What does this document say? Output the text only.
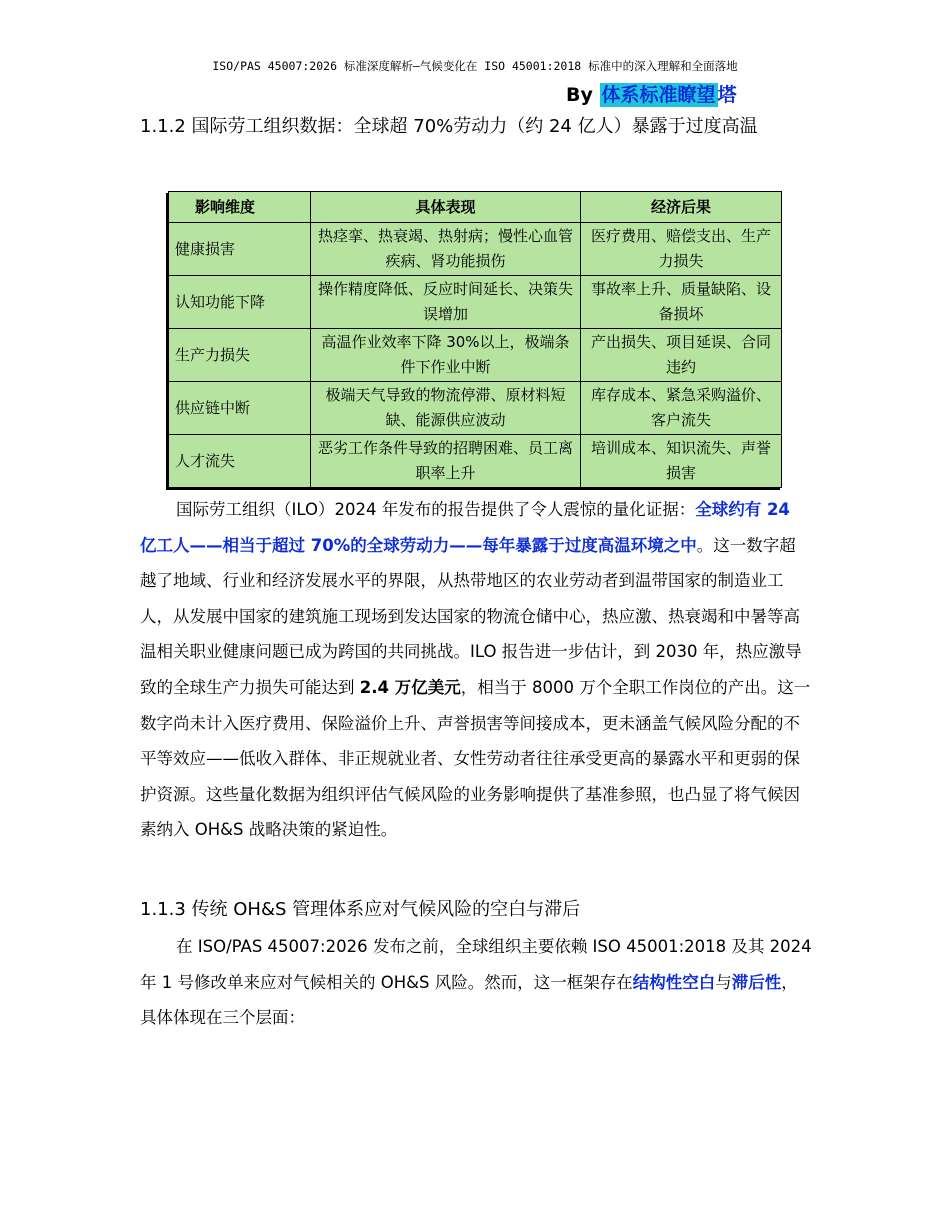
ISO/PAS 45007:2026 标准深度解析—气候变化在 ISO 45001:2018 标准中的深入理解和全面落地
By 体系标准瞭望 塔
1.1.2 国际劳工组织数据：全球超 70%劳动力（约 24 亿人）暴露于过度高温
影响维度	具体表现	经济后果
健康损害	热痉挛、热衰竭、热射病；慢性心血管疾病、肾功能损伤	医疗费用、赔偿支出、生产力损失
认知功能下降	操作精度降低、反应时间延长、决策失误增加	事故率上升、质量缺陷、设备损坏
生产力损失	高温作业效率下降 30%以上，极端条件下作业中断	产出损失、项目延误、合同违约
供应链中断	极端天气导致的物流停滞、原材料短缺、能源供应波动	库存成本、紧急采购溢价、客户流失
人才流失	恶劣工作条件导致的招聘困难、员工离职率上升	培训成本、知识流失、声誉损害

国际劳工组织（ILO）2024 年发布的报告提供了令人震惊的量化证据：全球约有 24 亿工人——相当于超过 70%的全球劳动力——每年暴露于过度高温环境之中。这一数字超越了地域、行业和经济发展水平的界限，从热带地区的农业劳动者到温带国家的制造业工人，从发展中国家的建筑施工现场到发达国家的物流仓储中心，热应激、热衰竭和中暑等高温相关职业健康问题已成为跨国的共同挑战。ILO 报告进一步估计，到 2030 年，热应激导致的全球生产力损失可能达到 2.4 万亿美元，相当于 8000 万个全职工作岗位的产出。这一数字尚未计入医疗费用、保险溢价上升、声誉损害等间接成本，更未涵盖气候风险分配的不平等效应——低收入群体、非正规就业者、女性劳动者往往承受更高的暴露水平和更弱的保护资源。这些量化数据为组织评估气候风险的业务影响提供了基准参照，也凸显了将气候因素纳入 OH&S 战略决策的紧迫性。

1.1.3 传统 OH&S 管理体系应对气候风险的空白与滞后

在 ISO/PAS 45007:2026 发布之前，全球组织主要依赖 ISO 45001:2018 及其 2024 年 1 号修改单来应对气候相关的 OH&S 风险。然而，这一框架存在结构性空白与滞后性，具体体现在三个层面：
